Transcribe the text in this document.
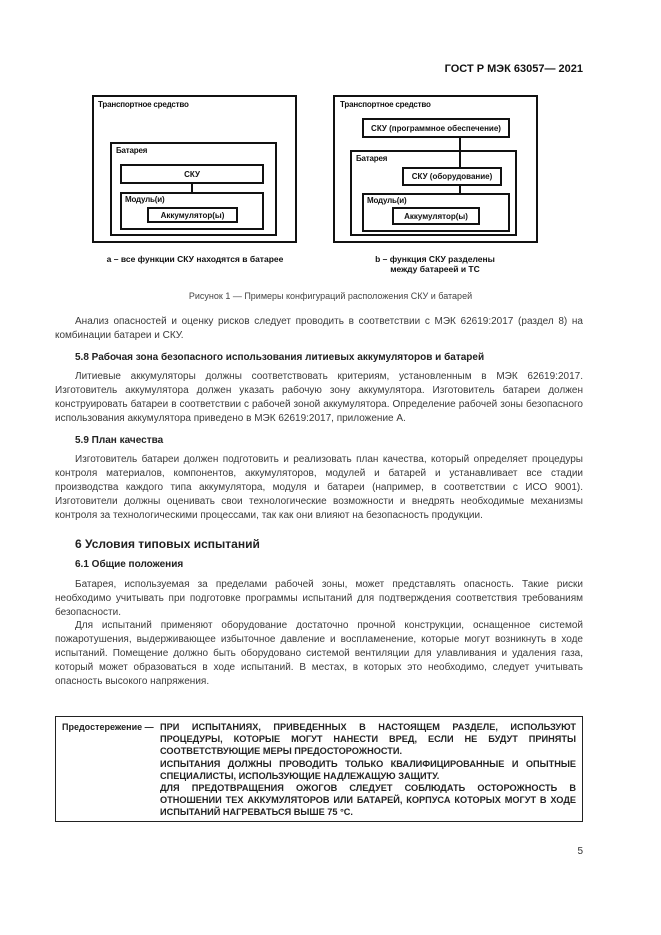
ГОСТ Р МЭК 63057— 2021
Транспортное средство
Батарея
СКУ
Модуль(и)
Аккумулятор(ы)
a – все функции СКУ находятся в батарее
Транспортное средство
СКУ (программное обеспечение)
Батарея
СКУ (оборудование)
Модуль(и)
Аккумулятор(ы)
b – функция СКУ разделены
между батареей и ТС
Рисунок 1 — Примеры конфигураций расположения СКУ и батарей

Анализ опасностей и оценку рисков следует проводить в соответствии с МЭК 62619:2017 (раздел 8) на комбинации батареи и СКУ.

5.8 Рабочая зона безопасного использования литиевых аккумуляторов и батарей

Литиевые аккумуляторы должны соответствовать критериям, установленным в МЭК 62619:2017. Изготовитель аккумулятора должен указать рабочую зону аккумулятора. Изготовитель батареи должен конструировать батареи в соответствии с рабочей зоной аккумулятора. Определение рабочей зоны безопасного использования аккумулятора приведено в МЭК 62619:2017, приложение А.

5.9 План качества

Изготовитель батареи должен подготовить и реализовать план качества, который определяет процедуры контроля материалов, компонентов, аккумуляторов, модулей и батарей и устанавливает все стадии производства каждого типа аккумулятора, модуля и батареи (например, в соответствии с ИСО 9001). Изготовители должны оценивать свои технологические возможности и внедрять необходимые механизмы контроля за технологическими процессами, так как они влияют на безопасность продукции.

6 Условия типовых испытаний
6.1 Общие положения

Батарея, используемая за пределами рабочей зоны, может представлять опасность. Такие риски необходимо учитывать при подготовке программы испытаний для подтверждения соответствия требованиям безопасности.

Для испытаний применяют оборудование достаточно прочной конструкции, оснащенное системой пожаротушения, выдерживающее избыточное давление и воспламенение, которые могут возникнуть в ходе испытаний. Помещение должно быть оборудовано системой вентиляции для улавливания и удаления газа, который может образоваться в ходе испытаний. В местах, в которых это необходимо, следует учитывать опасность высокого напряжения.

Предостережение — ПРИ ИСПЫТАНИЯХ, ПРИВЕДЕННЫХ В НАСТОЯЩЕМ РАЗДЕЛЕ, ИСПОЛЬЗУЮТ ПРОЦЕДУРЫ, КОТОРЫЕ МОГУТ НАНЕСТИ ВРЕД, ЕСЛИ НЕ БУДУТ ПРИНЯТЫ СООТВЕТСТВУЮЩИЕ МЕРЫ ПРЕДОСТОРОЖНОСТИ.
ИСПЫТАНИЯ ДОЛЖНЫ ПРОВОДИТЬ ТОЛЬКО КВАЛИФИЦИРОВАННЫЕ И ОПЫТНЫЕ СПЕЦИАЛИСТЫ, ИСПОЛЬЗУЮЩИЕ НАДЛЕЖАЩУЮ ЗАЩИТУ.
ДЛЯ ПРЕДОТВРАЩЕНИЯ ОЖОГОВ СЛЕДУЕТ СОБЛЮДАТЬ ОСТОРОЖНОСТЬ В ОТНОШЕНИИ ТЕХ АККУМУЛЯТОРОВ ИЛИ БАТАРЕЙ, КОРПУСА КОТОРЫХ МОГУТ В ХОДЕ ИСПЫТАНИЙ НАГРЕВАТЬСЯ ВЫШЕ 75 °С.
5
